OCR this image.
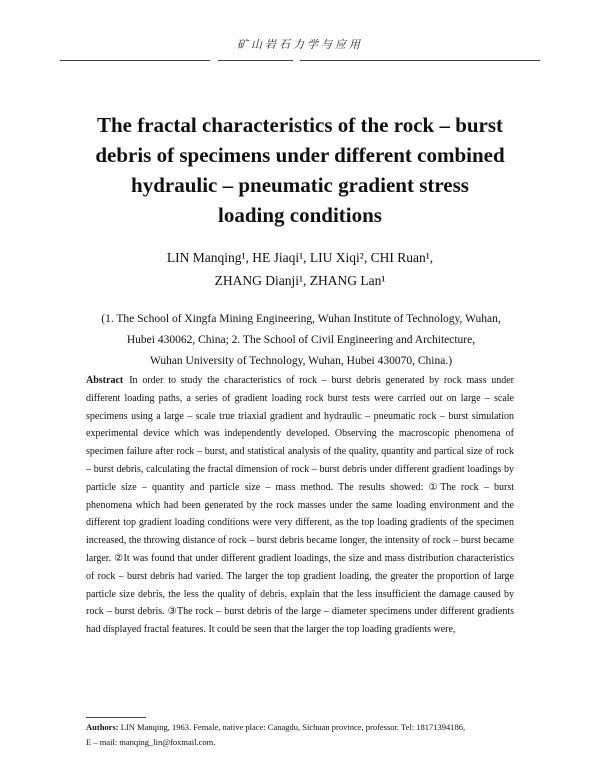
矿山岩石力学与应用
The fractal characteristics of the rock – burst
debris of specimens under different combined
hydraulic – pneumatic gradient stress
loading conditions
LIN Manqing¹, HE Jiaqi¹, LIU Xiqi², CHI Ruan¹,
ZHANG Dianji¹, ZHANG Lan¹
(1. The School of Xingfa Mining Engineering, Wuhan Institute of Technology, Wuhan,
Hubei 430062, China; 2. The School of Civil Engineering and Architecture,
Wuhan University of Technology, Wuhan, Hubei 430070, China.)
Abstract In order to study the characteristics of rock – burst debris generated by rock mass under different loading paths, a series of gradient loading rock burst tests were carried out on large – scale specimens using a large – scale true triaxial gradient and hydraulic – pneumatic rock – burst simulation experimental device which was independently developed. Observing the macroscopic phenomena of specimen failure after rock – burst, and statistical analysis of the quality, quantity and partical size of rock – burst debris, calculating the fractal dimension of rock – burst debris under different gradient loadings by particle size – quantity and particle size – mass method. The results showed: ①The rock – burst phenomena which had been generated by the rock masses under the same loading environment and the different top gradient loading conditions were very different, as the top loading gradients of the specimen increased, the throwing distance of rock – burst debris became longer, the intensity of rock – burst became larger. ②It was found that under different gradient loadings, the size and mass distribution characteristics of rock – burst debris had varied. The larger the top gradient loading, the greater the proportion of large particle size debris, the less the quality of debris, explain that the less insufficient the damage caused by rock – burst debris. ③The rock – burst debris of the large – diameter specimens under different gradients had displayed fractal features. It could be seen that the larger the top loading gradients were,
Authors: LIN Manqing, 1963. Female, native place: Canagdu, Sichuan province, professor. Tel: 18171394186,
E – mail: manqing_lin@foxmail.com.
